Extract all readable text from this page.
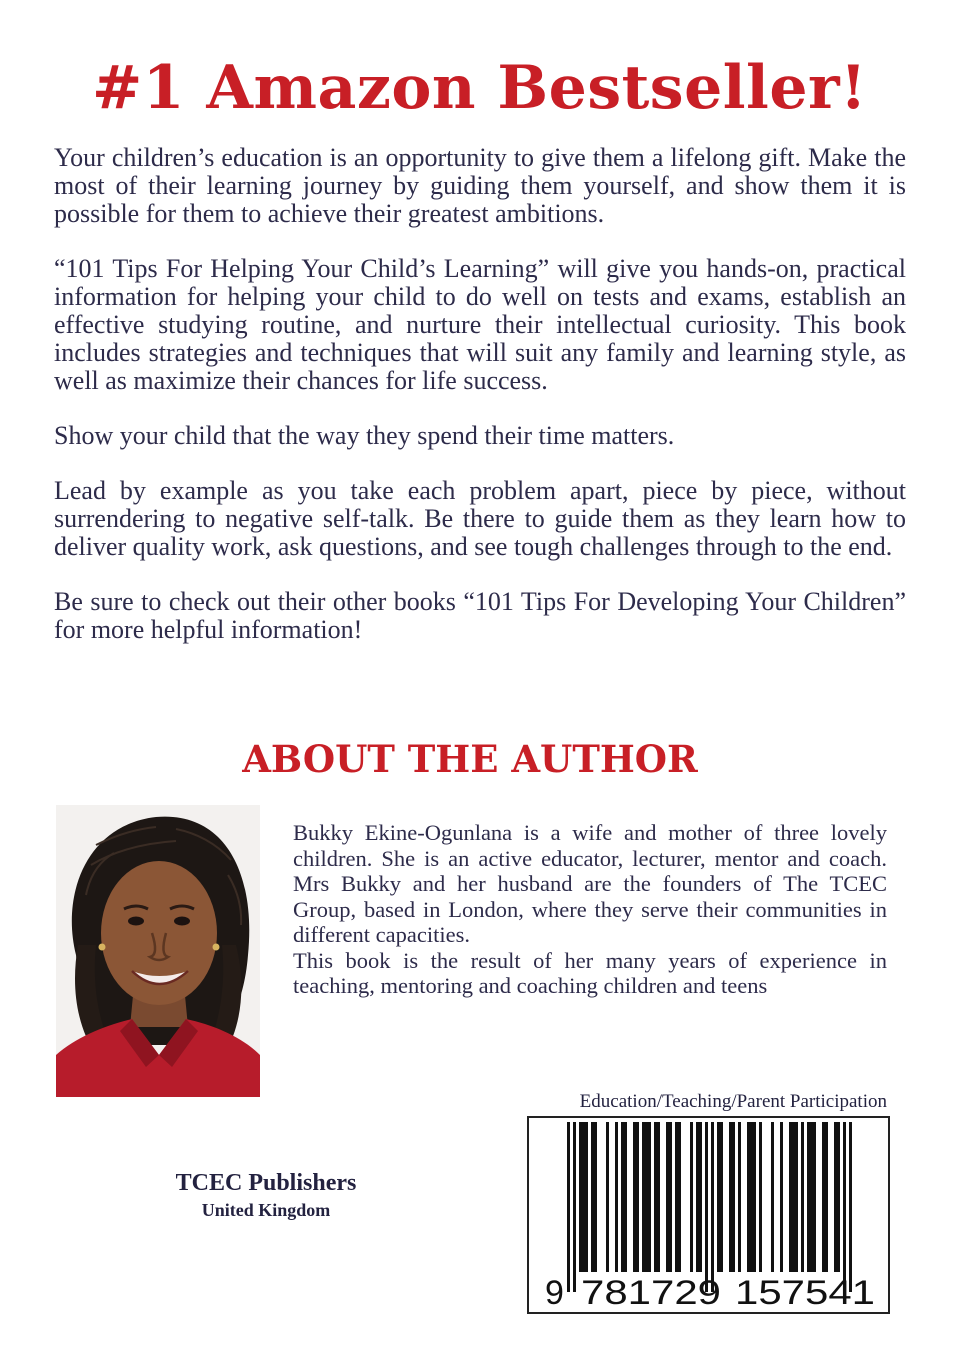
#1 Amazon Bestseller!

Your children’s education is an opportunity to give them a lifelong gift. Make the most of their learning journey by guiding them yourself, and show them it is possible for them to achieve their greatest ambitions.

“101 Tips For Helping Your Child’s Learning” will give you hands-on, practical information for helping your child to do well on tests and exams, establish an effective studying routine, and nurture their intellectual curiosity. This book includes strategies and techniques that will suit any family and learning style, as well as maximize their chances for life success.

Show your child that the way they spend their time matters.

Lead by example as you take each problem apart, piece by piece, without surrendering to negative self-talk. Be there to guide them as they learn how to deliver quality work, ask questions, and see tough challenges through to the end.

Be sure to check out their other books “101 Tips For Developing Your Children” for more helpful information!

ABOUT THE AUTHOR

Bukky Ekine-Ogunlana is a wife and mother of three lovely children. She is an active educator, lecturer, mentor and coach. Mrs Bukky and her husband are the founders of The TCEC Group, based in London, where they serve their communities in different capacities.

This book is the result of her many years of experience in teaching, mentoring and coaching children and teens

TCEC Publishers
United Kingdom
Education/Teaching/Parent Participation
9 781729 157541
